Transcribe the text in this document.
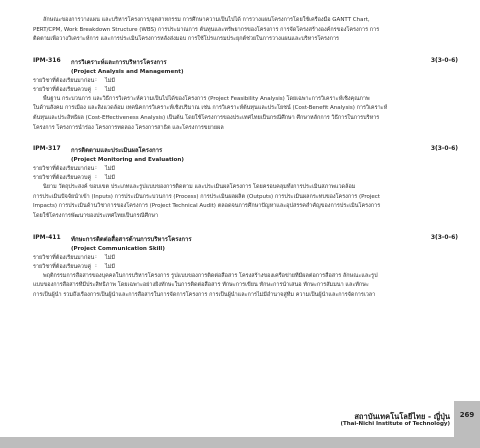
ลักษณะของการวางแผน และบริหารโครงการ/อุตสาหกรรม การศึกษาความเป็นไปได้ การวางแผนโครงการโดยใช้เครื่องมือ GANTT Chart,

PERT/CPM, Work Breakdown Structure (WBS) การประมาณการ ต้นทุนและทรัพยากรของโครงการ การจัดโครงสร้างองค์กรของโครงการ การ

ติดตามเพื่อวางวิเคราะห์การ และการประเมินโครงการหลังส่งมอบ การใช้โปรแกรมประยุกต์ช่วยในการวางแผนและบริหารโครงการ

IPM-316 การวิเคราะห์และการบริหารโครงการ	3(3-0-6)
(Project Analysis and Management)
รายวิชาที่ต้องเรียนมาก่อน : ไม่มี
รายวิชาที่ต้องเรียนควบคู่ : ไม่มี

พื้นฐาน กระบวนการ และวิธีการวิเคราะห์ความเป็นไปได้ของโครงการ (Project Feasibility Analysis) โดยเฉพาะการวิเคราะห์เชิงคุณภาพ

ในด้านสังคม การเมือง และสิ่งแวดล้อม เทคนิคการวิเคราะห์เชิงปริมาณ เช่น การวิเคราะห์ต้นทุนและประโยชน์ (Cost-Benefit Analysis) การวิเคราะห์

ต้นทุนและประสิทธิผล (Cost-Effectiveness Analysis) เป็นต้น โดยใช้โครงการของประเทศไทยเป็นกรณีศึกษา ศึกษาหลักการ วิธีการในการบริหาร

โครงการ โครงการนำร่อง โครงการทดลอง โครงการสาธิต และโครงการขยายผล

IPM-317 การติดตามและประเมินผลโครงการ	3(3-0-6)
(Project Monitoring and Evaluation)
รายวิชาที่ต้องเรียนมาก่อน : ไม่มี
รายวิชาที่ต้องเรียนควบคู่ : ไม่มี

นิยาม วัตถุประสงค์ ขอบเขต ประเภทและรูปแบบของการติดตาม และประเมินผลโครงการ โดยครอบคลุมทั้งการประเมินสภาพแวดล้อม

การประเมินปัจจัยนำเข้า (Inputs) การประเมินกระบวนการ (Process) การประเมินผลผลิต (Outputs) การประเมินผลกระทบของโครงการ (Project

Impacts) การประเมินด้านวิชาการของโครงการ (Project Technical Audit) ตลอดจนการศึกษาปัญหาและอุปสรรคสำคัญของการประเมินโครงการ

โดยใช้โครงการพัฒนาของประเทศไทยเป็นกรณีศึกษา

IPM-411 ทักษะการติดต่อสื่อสารด้านการบริหารโครงการ	3(3-0-6)
(Project Communication Skill)
รายวิชาที่ต้องเรียนมาก่อน : ไม่มี
รายวิชาที่ต้องเรียนควบคู่ : ไม่มี

พฤติกรรมการสื่อสารของบุคคลในการบริหารโครงการ รูปแบบของการติดต่อสื่อสาร โครงสร้างของเครือข่ายที่มีผลต่อการสื่อสาร ลักษณะและรูป

แบบของการสื่อสารที่มีประสิทธิภาพ โดยเฉพาะอย่างยิ่งทักษะในการติดต่อสื่อสาร ทักษะการเขียน ทักษะการนำเสนอ ทักษะการสัมมนา และทักษะ

การเป็นผู้นำ รวมถึงเรื่องการเป็นผู้นำและการสื่อสารในการจัดการโครงการ การเป็นผู้นำและการไม่มีอำนาจสู่ทีม ความเป็นผู้นำและการจัดการเวลา

269
สถาบันเทคโนโลยีไทย - ญี่ปุ่น
(Thai-Nichi Institute of Technology)
